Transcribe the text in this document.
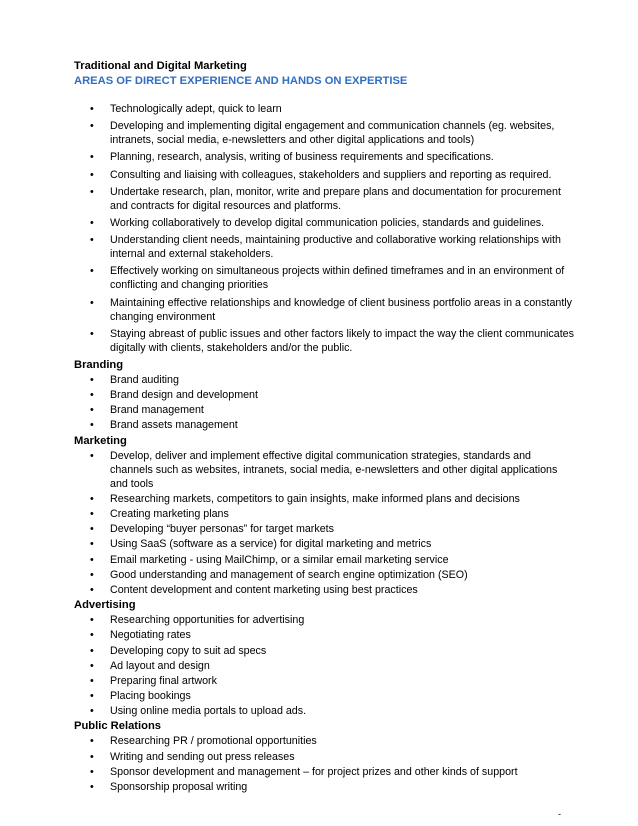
Traditional and Digital Marketing

AREAS OF DIRECT EXPERIENCE AND HANDS ON EXPERTISE

• Technologically adept, quick to learn
• Developing and implementing digital engagement and communication channels (eg. websites, intranets, social media, e-newsletters and other digital applications and tools)
• Planning, research, analysis, writing of business requirements and specifications.
• Consulting and liaising with colleagues, stakeholders and suppliers and reporting as required.
• Undertake research, plan, monitor, write and prepare plans and documentation for procurement and contracts for digital resources and platforms.
• Working collaboratively to develop digital communication policies, standards and guidelines.
• Understanding client needs, maintaining productive and collaborative working relationships with internal and external stakeholders.
• Effectively working on simultaneous projects within defined timeframes and in an environment of conflicting and changing priorities
• Maintaining effective relationships and knowledge of client business portfolio areas in a constantly changing environment
• Staying abreast of public issues and other factors likely to impact the way the client communicates digitally with clients, stakeholders and/or the public.

Branding

• Brand auditing
• Brand design and development
• Brand management
• Brand assets management

Marketing

• Develop, deliver and implement effective digital communication strategies, standards and channels such as websites, intranets, social media, e-newsletters and other digital applications and tools
• Researching markets, competitors to gain insights, make informed plans and decisions
• Creating marketing plans
• Developing “buyer personas” for target markets
• Using SaaS (software as a service) for digital marketing and metrics
• Email marketing - using MailChimp, or a similar email marketing service
• Good understanding and management of search engine optimization (SEO)
• Content development and content marketing using best practices

Advertising

• Researching opportunities for advertising
• Negotiating rates
• Developing copy to suit ad specs
• Ad layout and design
• Preparing final artwork
• Placing bookings
• Using online media portals to upload ads.

Public Relations

• Researching PR / promotional opportunities
• Writing and sending out press releases
• Sponsor development and management – for project prizes and other kinds of support
• Sponsorship proposal writing
-
